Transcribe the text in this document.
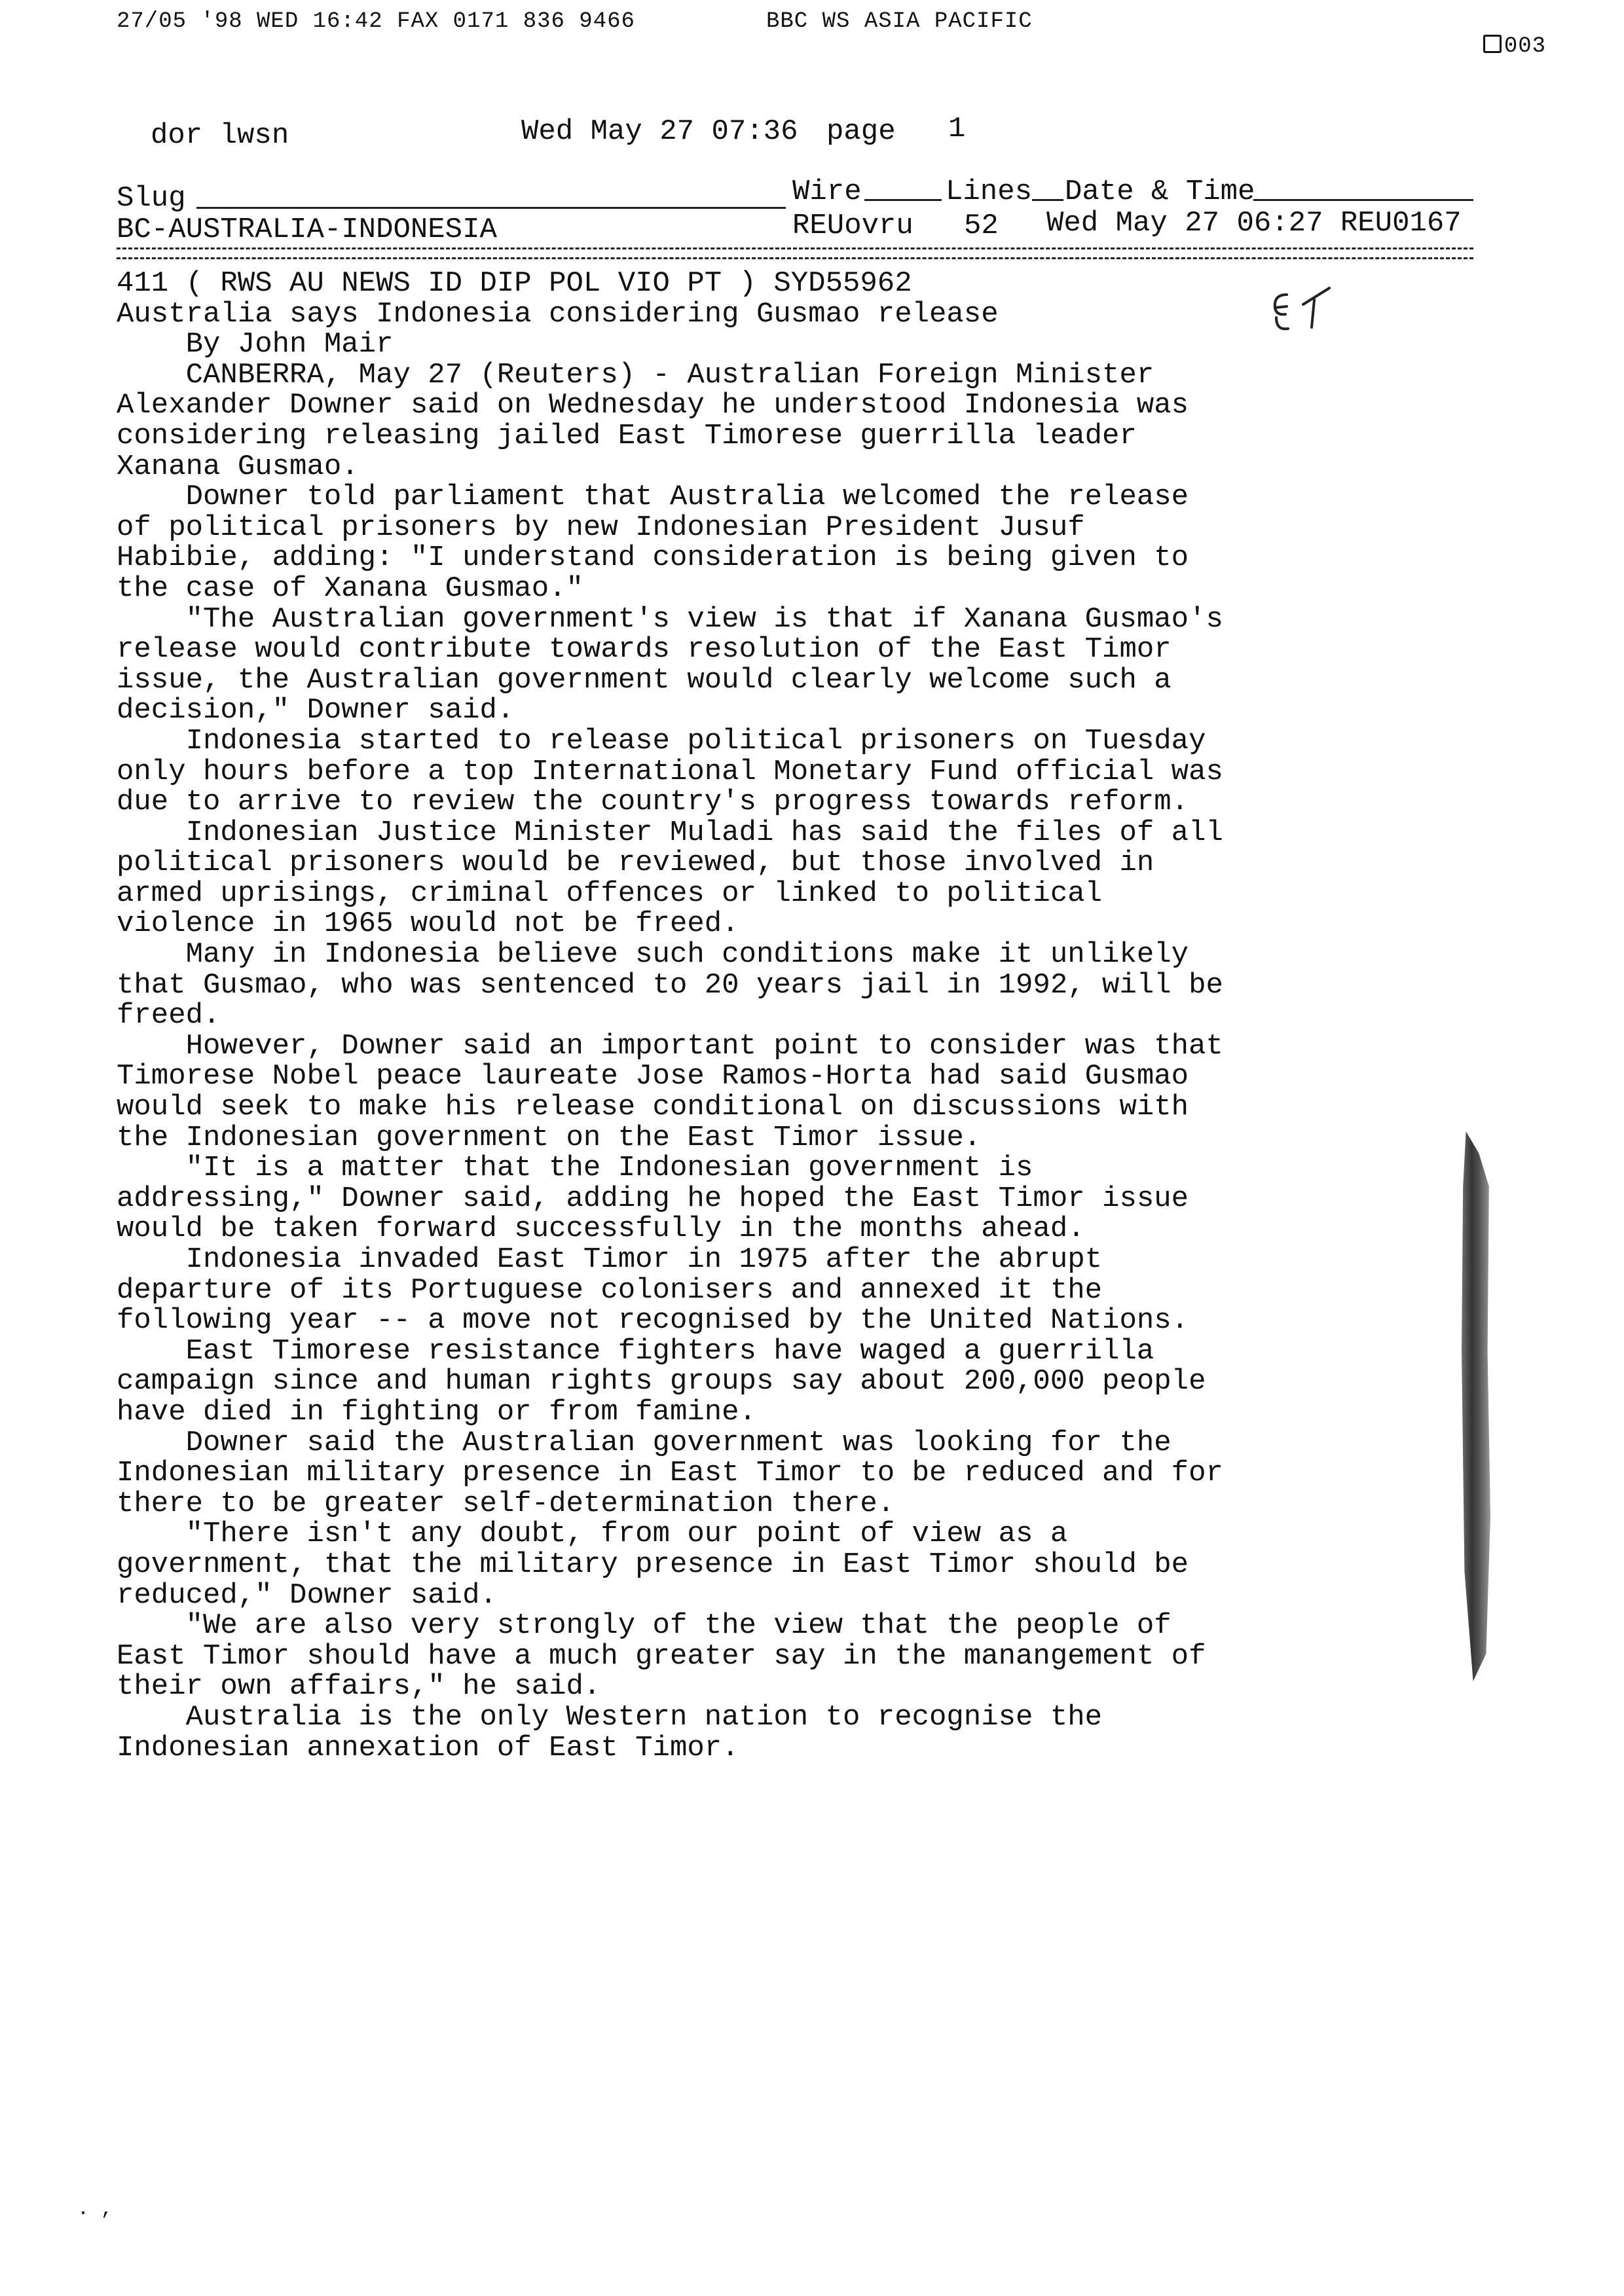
27/05 '98 WED 16:42 FAX 0171 836 9466	BBC WS ASIA PACIFIC

003

dor lwsn	Wed May 27 07:36 page 1
Slug	Wire	Lines Date & Time
BC-AUSTRALIA-INDONESIA	REUovru 52 Wed May 27 06:27 REU0167
411 ( RWS AU NEWS ID DIP POL VIO PT ) SYD55962
Australia says Indonesia considering Gusmao release
By John Mair
CANBERRA, May 27 (Reuters) - Australian Foreign Minister
Alexander Downer said on Wednesday he understood Indonesia was
considering releasing jailed East Timorese guerrilla leader
Xanana Gusmao.
Downer told parliament that Australia welcomed the release
of political prisoners by new Indonesian President Jusuf
Habibie, adding: "I understand consideration is being given to
the case of Xanana Gusmao."
"The Australian government's view is that if Xanana Gusmao's
release would contribute towards resolution of the East Timor
issue, the Australian government would clearly welcome such a
decision," Downer said.
Indonesia started to release political prisoners on Tuesday
only hours before a top International Monetary Fund official was
due to arrive to review the country's progress towards reform.
Indonesian Justice Minister Muladi has said the files of all
political prisoners would be reviewed, but those involved in
armed uprisings, criminal offences or linked to political
violence in 1965 would not be freed.
Many in Indonesia believe such conditions make it unlikely
that Gusmao, who was sentenced to 20 years jail in 1992, will be
freed.
However, Downer said an important point to consider was that
Timorese Nobel peace laureate Jose Ramos-Horta had said Gusmao
would seek to make his release conditional on discussions with
the Indonesian government on the East Timor issue.
"It is a matter that the Indonesian government is
addressing," Downer said, adding he hoped the East Timor issue
would be taken forward successfully in the months ahead.
Indonesia invaded East Timor in 1975 after the abrupt
departure of its Portuguese colonisers and annexed it the
following year -- a move not recognised by the United Nations.
East Timorese resistance fighters have waged a guerrilla
campaign since and human rights groups say about 200,000 people
have died in fighting or from famine.
Downer said the Australian government was looking for the
Indonesian military presence in East Timor to be reduced and for
there to be greater self-determination there.
"There isn't any doubt, from our point of view as a
government, that the military presence in East Timor should be
reduced," Downer said.
"We are also very strongly of the view that the people of
East Timor should have a much greater say in the manangement of
their own affairs," he said.
Australia is the only Western nation to recognise the
Indonesian annexation of East Timor.
. ,
